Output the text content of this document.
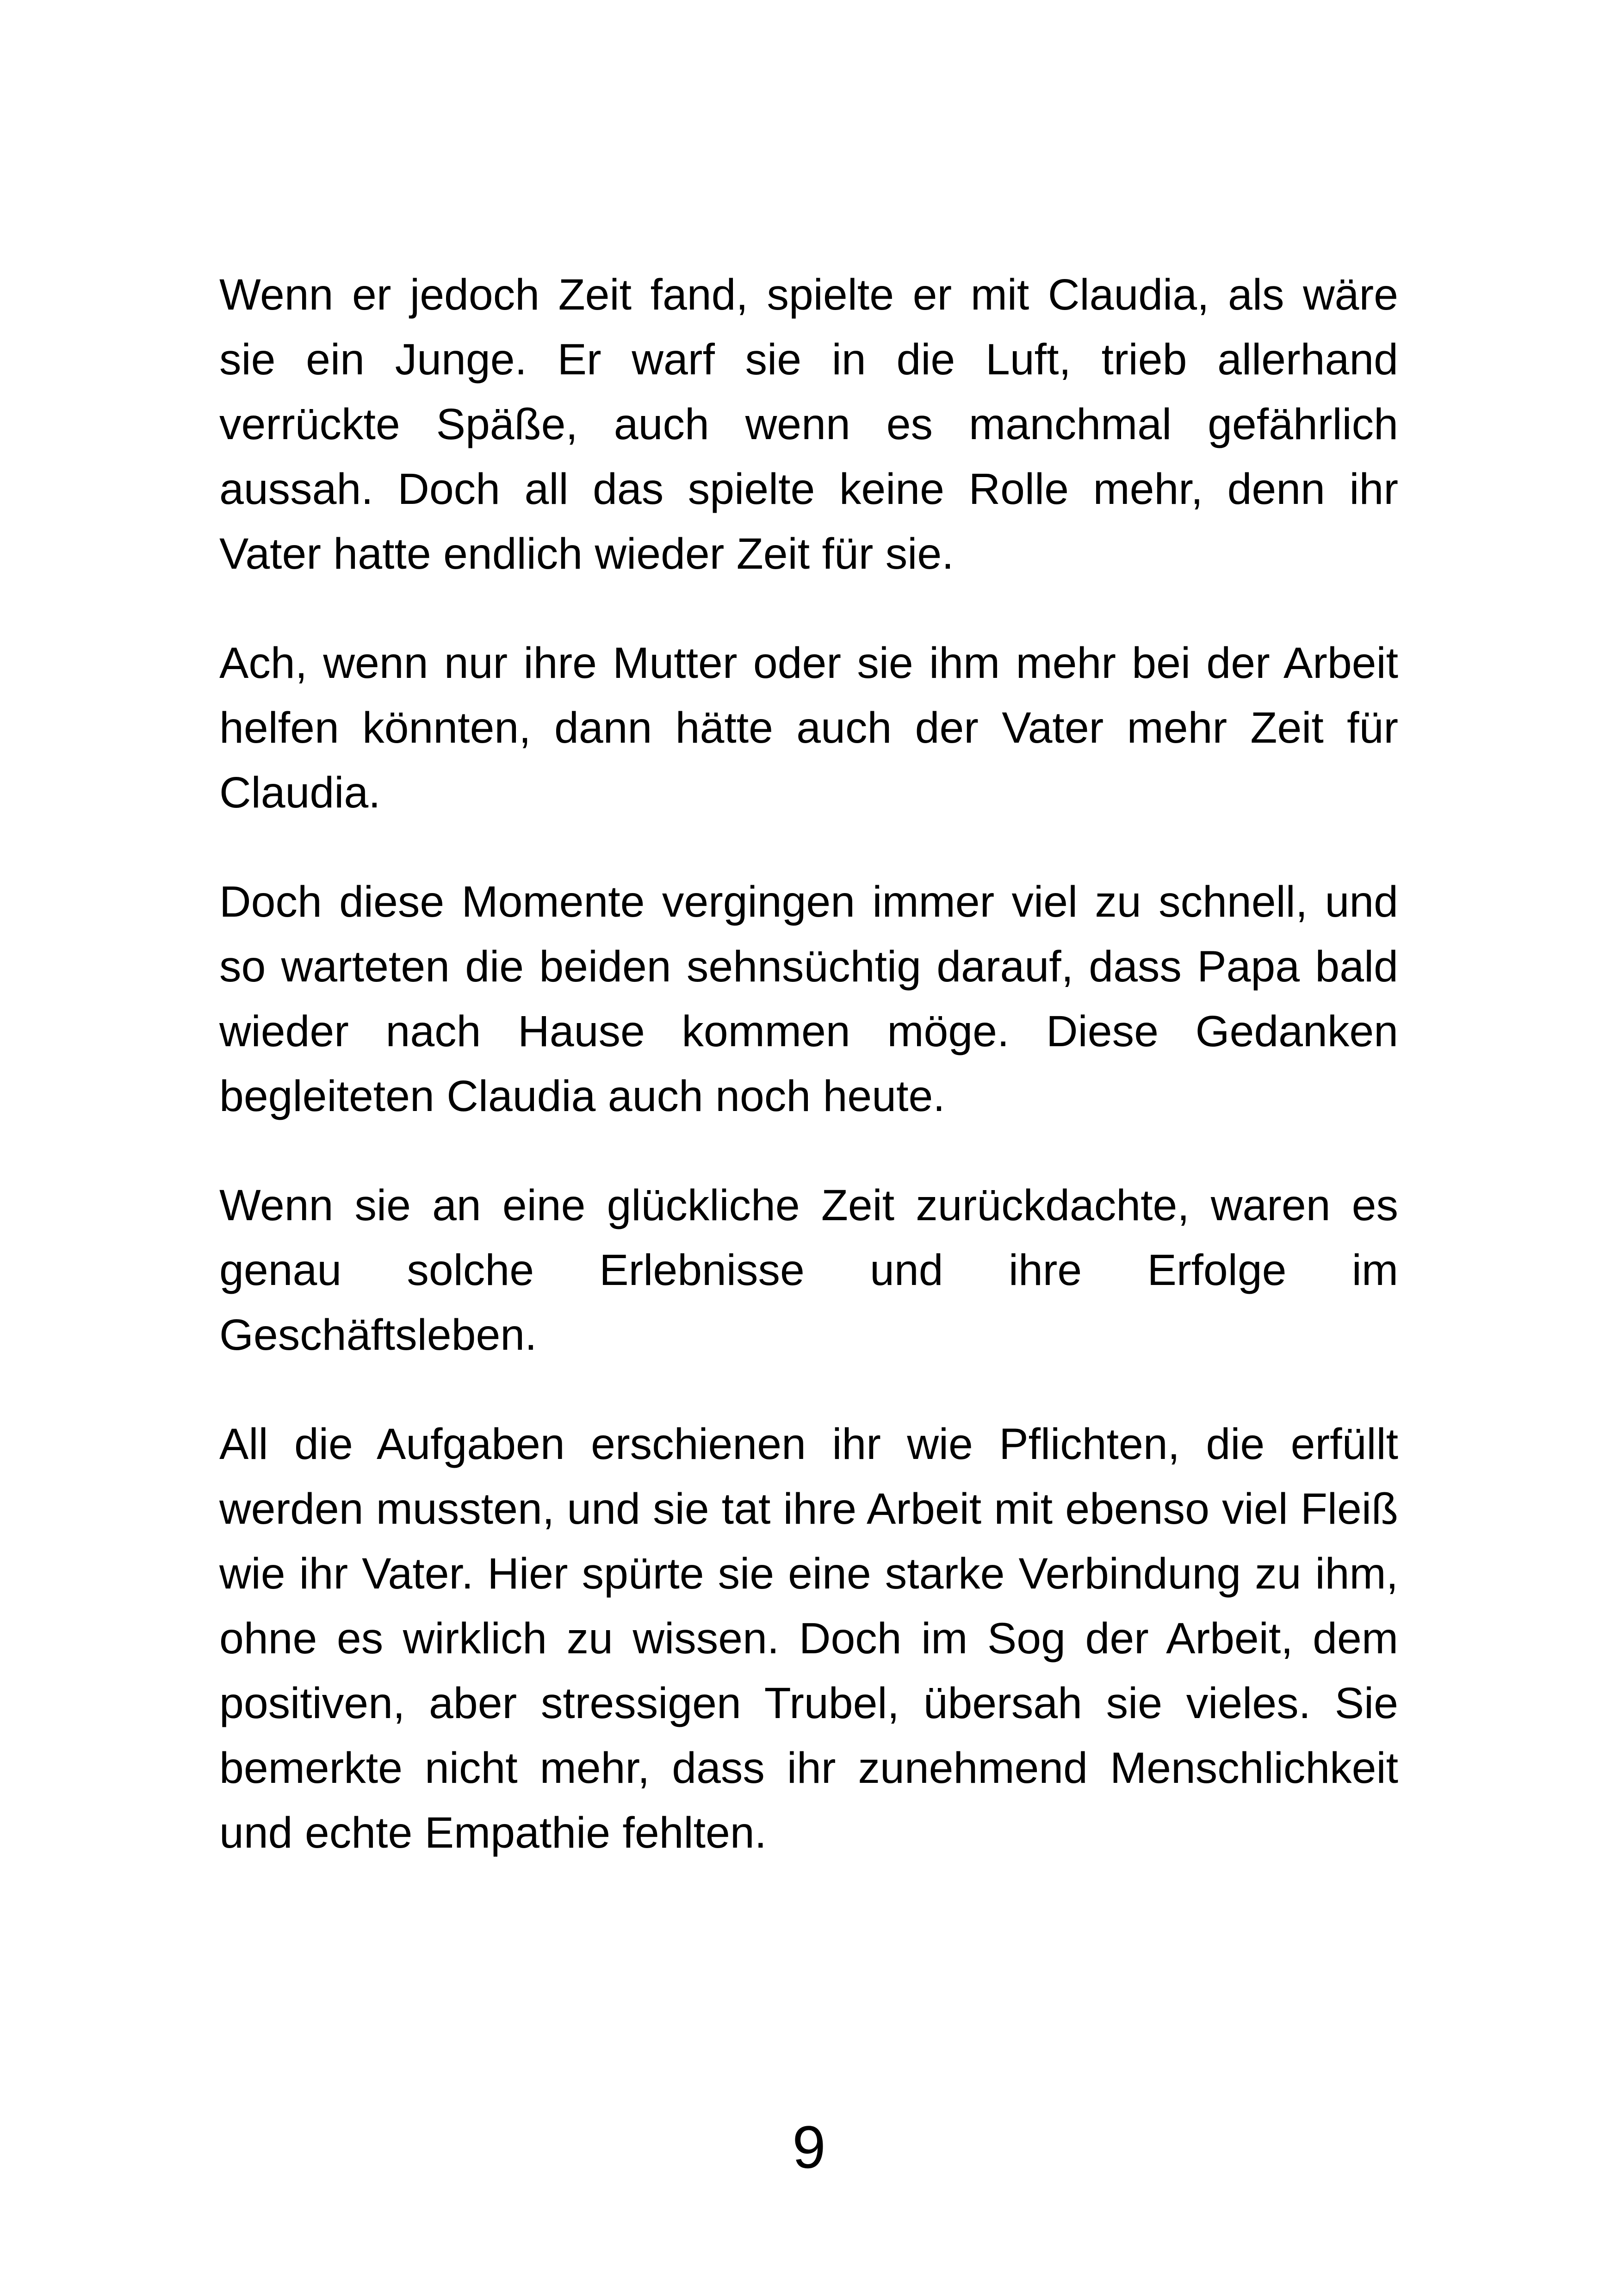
Wenn er jedoch Zeit fand, spielte er mit Claudia, als wäre sie ein Junge. Er warf sie in die Luft, trieb allerhand verrückte Späße, auch wenn es manchmal gefährlich aussah. Doch all das spielte keine Rolle mehr, denn ihr Vater hatte endlich wieder Zeit für sie.

Ach, wenn nur ihre Mutter oder sie ihm mehr bei der Arbeit helfen könnten, dann hätte auch der Vater mehr Zeit für Claudia.

Doch diese Momente vergingen immer viel zu schnell, und so warteten die beiden sehnsüchtig darauf, dass Papa bald wieder nach Hause kommen möge. Diese Gedanken begleiteten Claudia auch noch heute.

Wenn sie an eine glückliche Zeit zurückdachte, waren es genau solche Erlebnisse und ihre Erfolge im Geschäftsleben.

All die Aufgaben erschienen ihr wie Pflichten, die erfüllt werden mussten, und sie tat ihre Arbeit mit ebenso viel Fleiß wie ihr Vater. Hier spürte sie eine starke Verbindung zu ihm, ohne es wirklich zu wissen. Doch im Sog der Arbeit, dem positiven, aber stressigen Trubel, übersah sie vieles. Sie bemerkte nicht mehr, dass ihr zunehmend Menschlichkeit und echte Empathie fehlten.

9
